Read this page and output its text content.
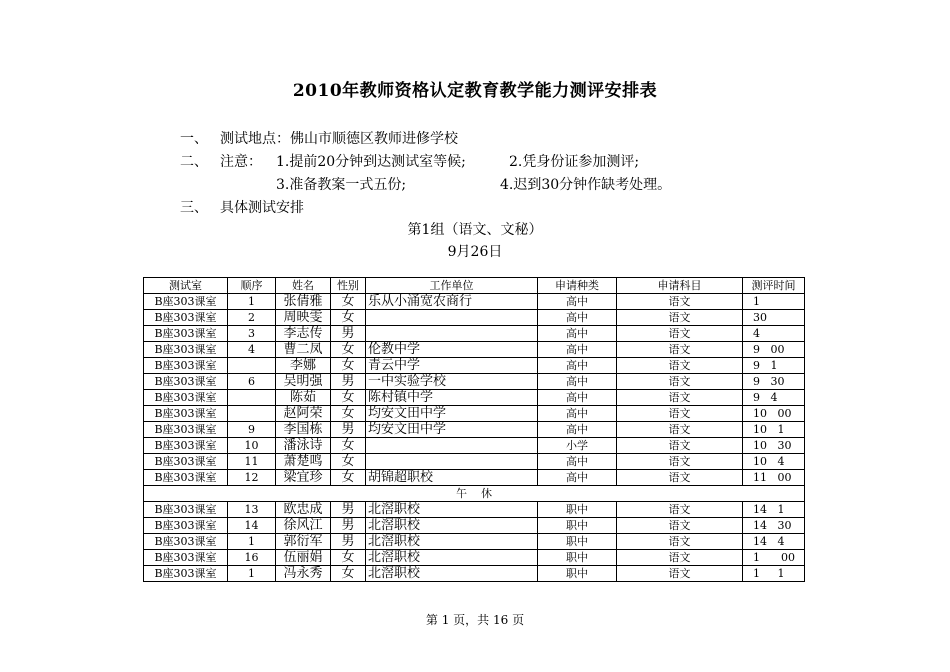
2010年教师资格认定教育教学能力测评安排表
一、 测试地点：佛山市顺德区教师进修学校
二、 注意： 1.提前20分钟到达测试室等候;	2.凭身份证参加测评;
3.准备教案一式五份;	4.迟到30分钟作缺考处理。
三、 具体测试安排
第1组（语文、文秘）
9月26日
测试室	顺序	姓名	性别	工作单位	申请种类	申请科目	测评时间
B座303课室	1	张倩雅	女	乐从小涌宽农商行	高中	语文	1
B座303课室	2	周映雯	女		高中	语文	30
B座303课室	3	李志传	男		高中	语文	4
B座303课室	4	曹二凤	女	伦教中学	高中	语文	9   00
B座303课室		李娜	女	青云中学	高中	语文	9   1
B座303课室	6	吴明强	男	一中实验学校	高中	语文	9   30
B座303课室		陈茹	女	陈村镇中学	高中	语文	9   4
B座303课室		赵阿荣	女	均安文田中学	高中	语文	10   00
B座303课室	9	李国栋	男	均安文田中学	高中	语文	10   1
B座303课室	10	潘泳诗	女		小学	语文	10   30
B座303课室	11	萧楚鸣	女		高中	语文	10   4
B座303课室	12	梁宜珍	女	胡锦超职校	高中	语文	11   00
午    休							
B座303课室	13	欧忠成	男	北滘职校	职中	语文	14   1
B座303课室	14	徐风江	男	北滘职校	职中	语文	14   30
B座303课室	1	郭衍军	男	北滘职校	职中	语文	14   4
B座303课室	16	伍丽娟	女	北滘职校	职中	语文	1      00
B座303课室	1	冯永秀	女	北滘职校	职中	语文	1     1
第 1 页，共 16 页
